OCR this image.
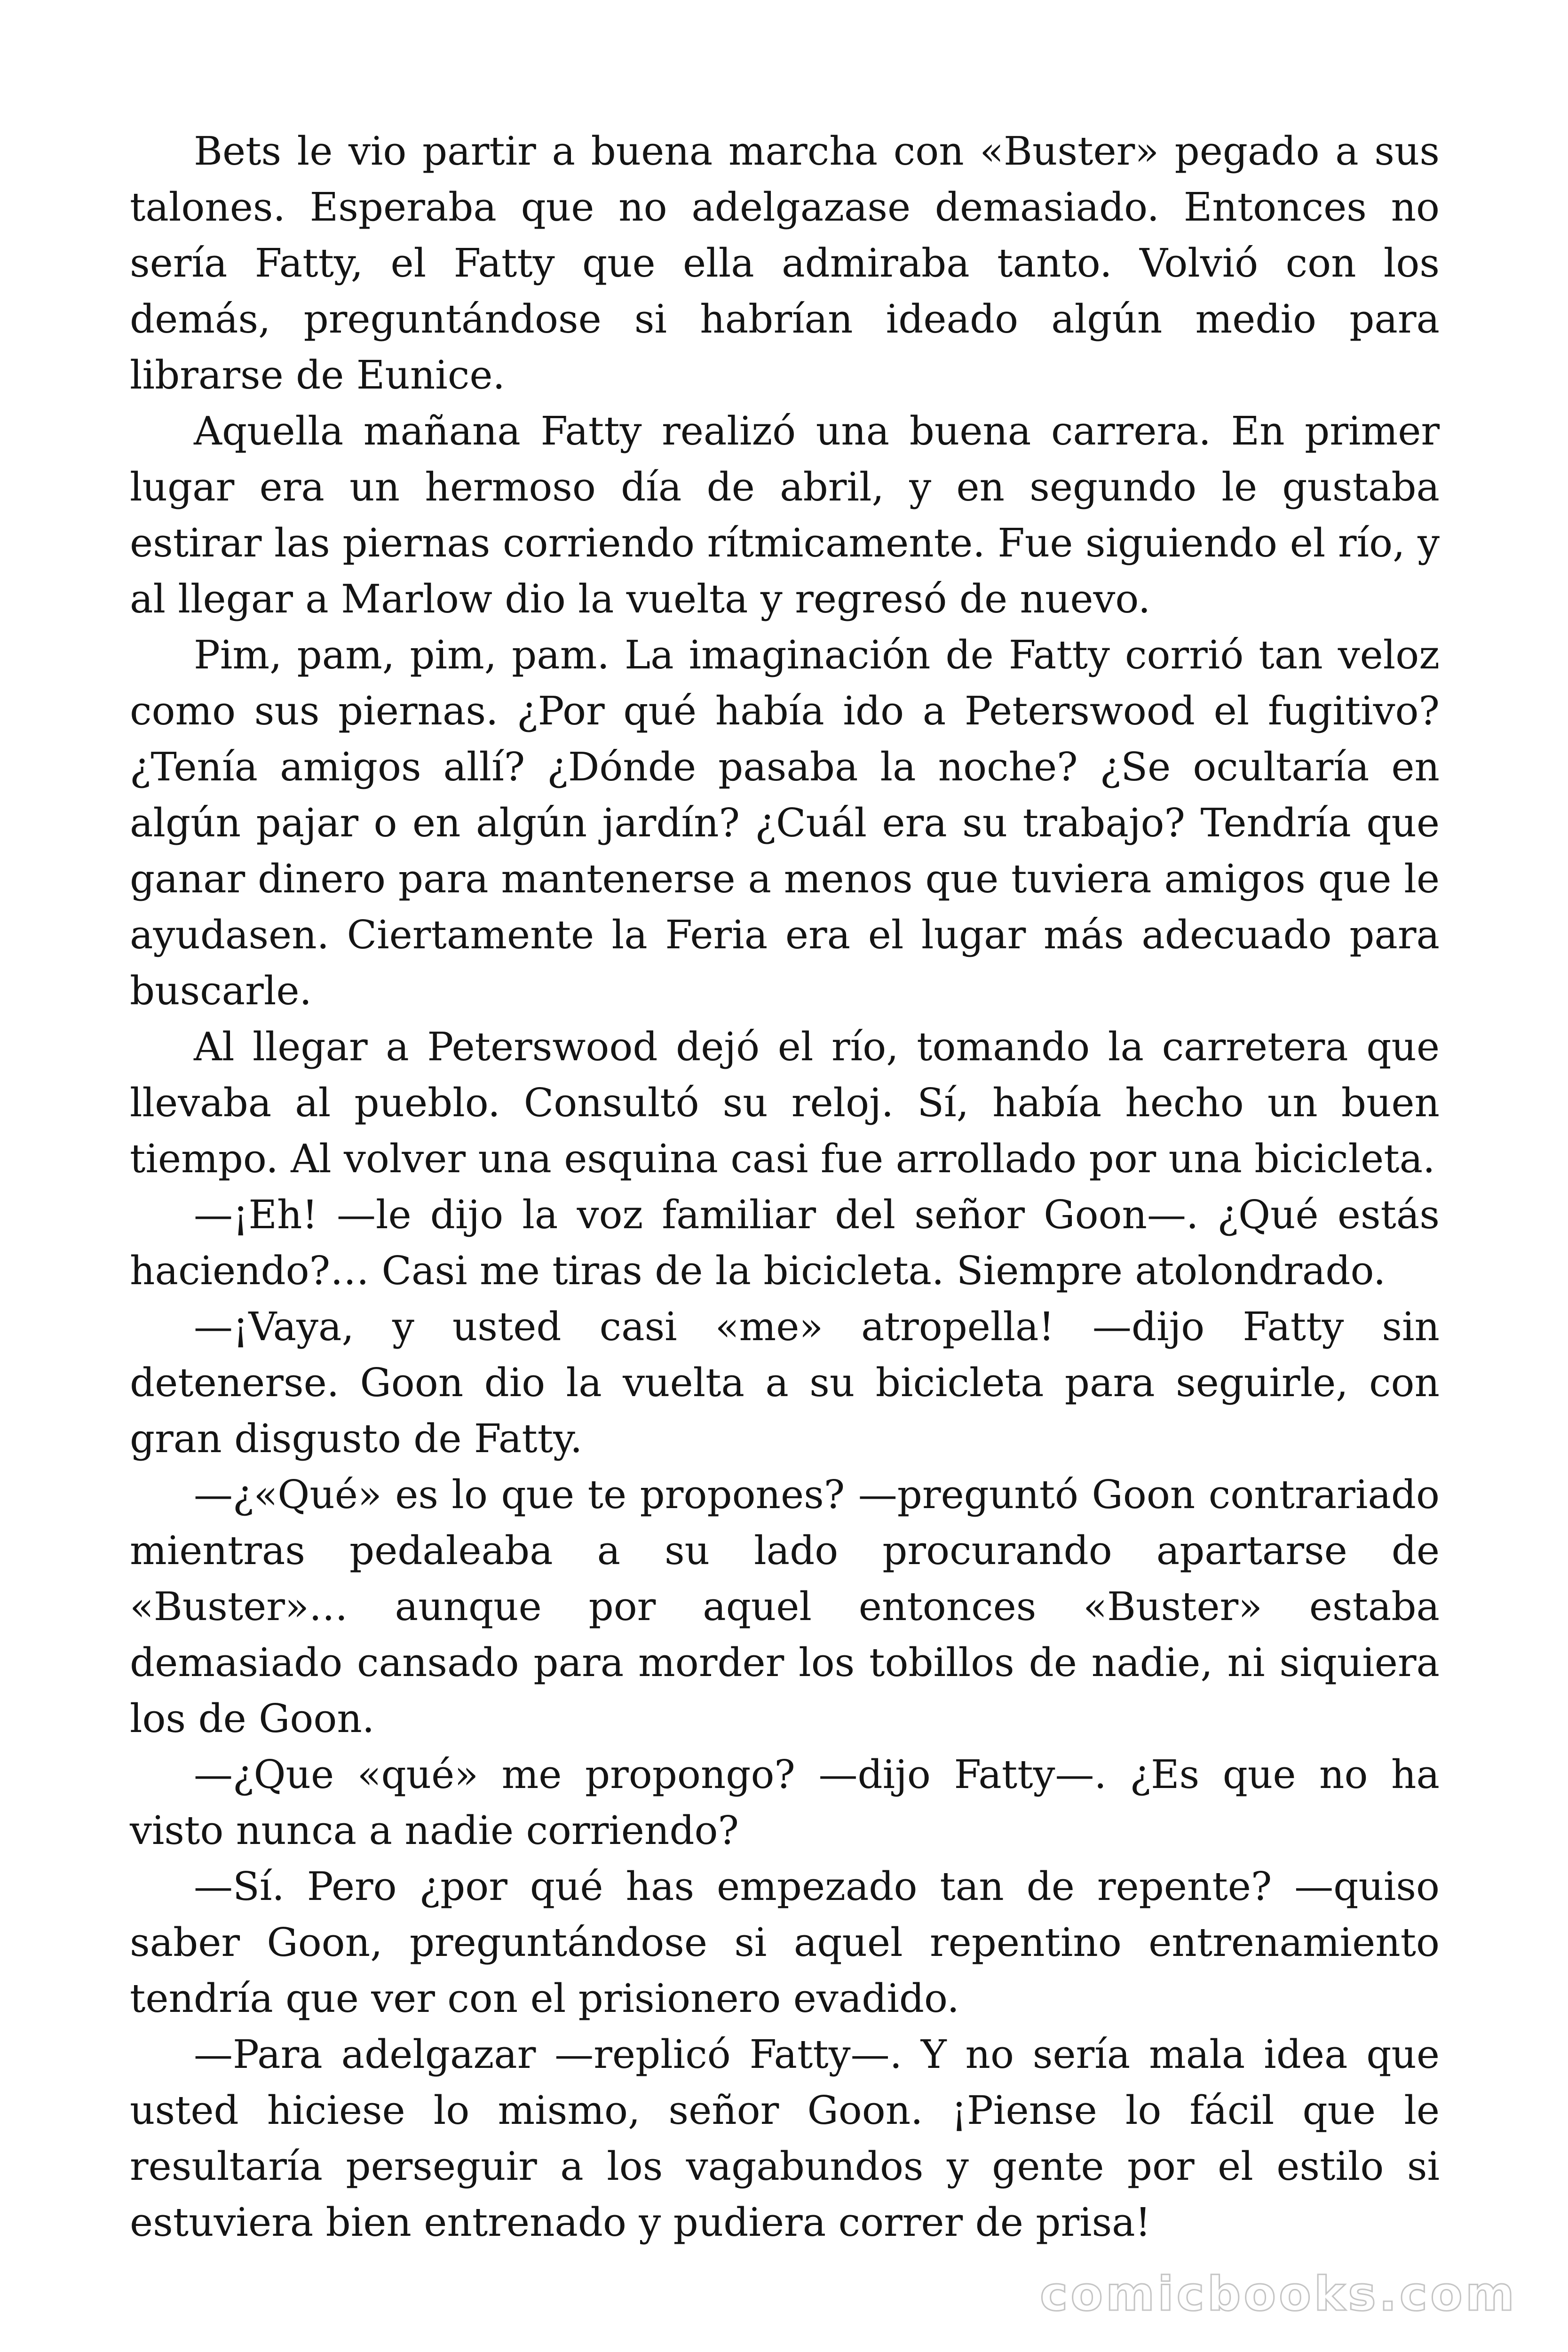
Bets le vio partir a buena marcha con «Buster» pegado a sus talones. Esperaba que no adelgazase demasiado. Entonces no sería Fatty, el Fatty que ella admiraba tanto. Volvió con los demás, preguntándose si habrían ideado algún medio para librarse de Eunice.

Aquella mañana Fatty realizó una buena carrera. En primer lugar era un hermoso día de abril, y en segundo le gustaba estirar las piernas corriendo rítmicamente. Fue siguiendo el río, y al llegar a Marlow dio la vuelta y regresó de nuevo.

Pim, pam, pim, pam. La imaginación de Fatty corrió tan veloz como sus piernas. ¿Por qué había ido a Peterswood el fugitivo? ¿Tenía amigos allí? ¿Dónde pasaba la noche? ¿Se ocultaría en algún pajar o en algún jardín? ¿Cuál era su trabajo? Tendría que ganar dinero para mantenerse a menos que tuviera amigos que le ayudasen. Ciertamente la Feria era el lugar más adecuado para buscarle.

Al llegar a Peterswood dejó el río, tomando la carretera que llevaba al pueblo. Consultó su reloj. Sí, había hecho un buen tiempo. Al volver una esquina casi fue arrollado por una bicicleta.

—¡Eh! —le dijo la voz familiar del señor Goon—. ¿Qué estás haciendo?… Casi me tiras de la bicicleta. Siempre atolondrado.

—¡Vaya, y usted casi «me» atropella! —dijo Fatty sin detenerse. Goon dio la vuelta a su bicicleta para seguirle, con gran disgusto de Fatty.

—¿«Qué» es lo que te propones? —preguntó Goon contrariado mientras pedaleaba a su lado procurando apartarse de «Buster»… aunque por aquel entonces «Buster» estaba demasiado cansado para morder los tobillos de nadie, ni siquiera los de Goon.

—¿Que «qué» me propongo? —dijo Fatty—. ¿Es que no ha visto nunca a nadie corriendo?

—Sí. Pero ¿por qué has empezado tan de repente? —quiso saber Goon, preguntándose si aquel repentino entrenamiento tendría que ver con el prisionero evadido.

—Para adelgazar —replicó Fatty—. Y no sería mala idea que usted hiciese lo mismo, señor Goon. ¡Piense lo fácil que le resultaría perseguir a los vagabundos y gente por el estilo si estuviera bien entrenado y pudiera correr de prisa!

comicbooks.com
